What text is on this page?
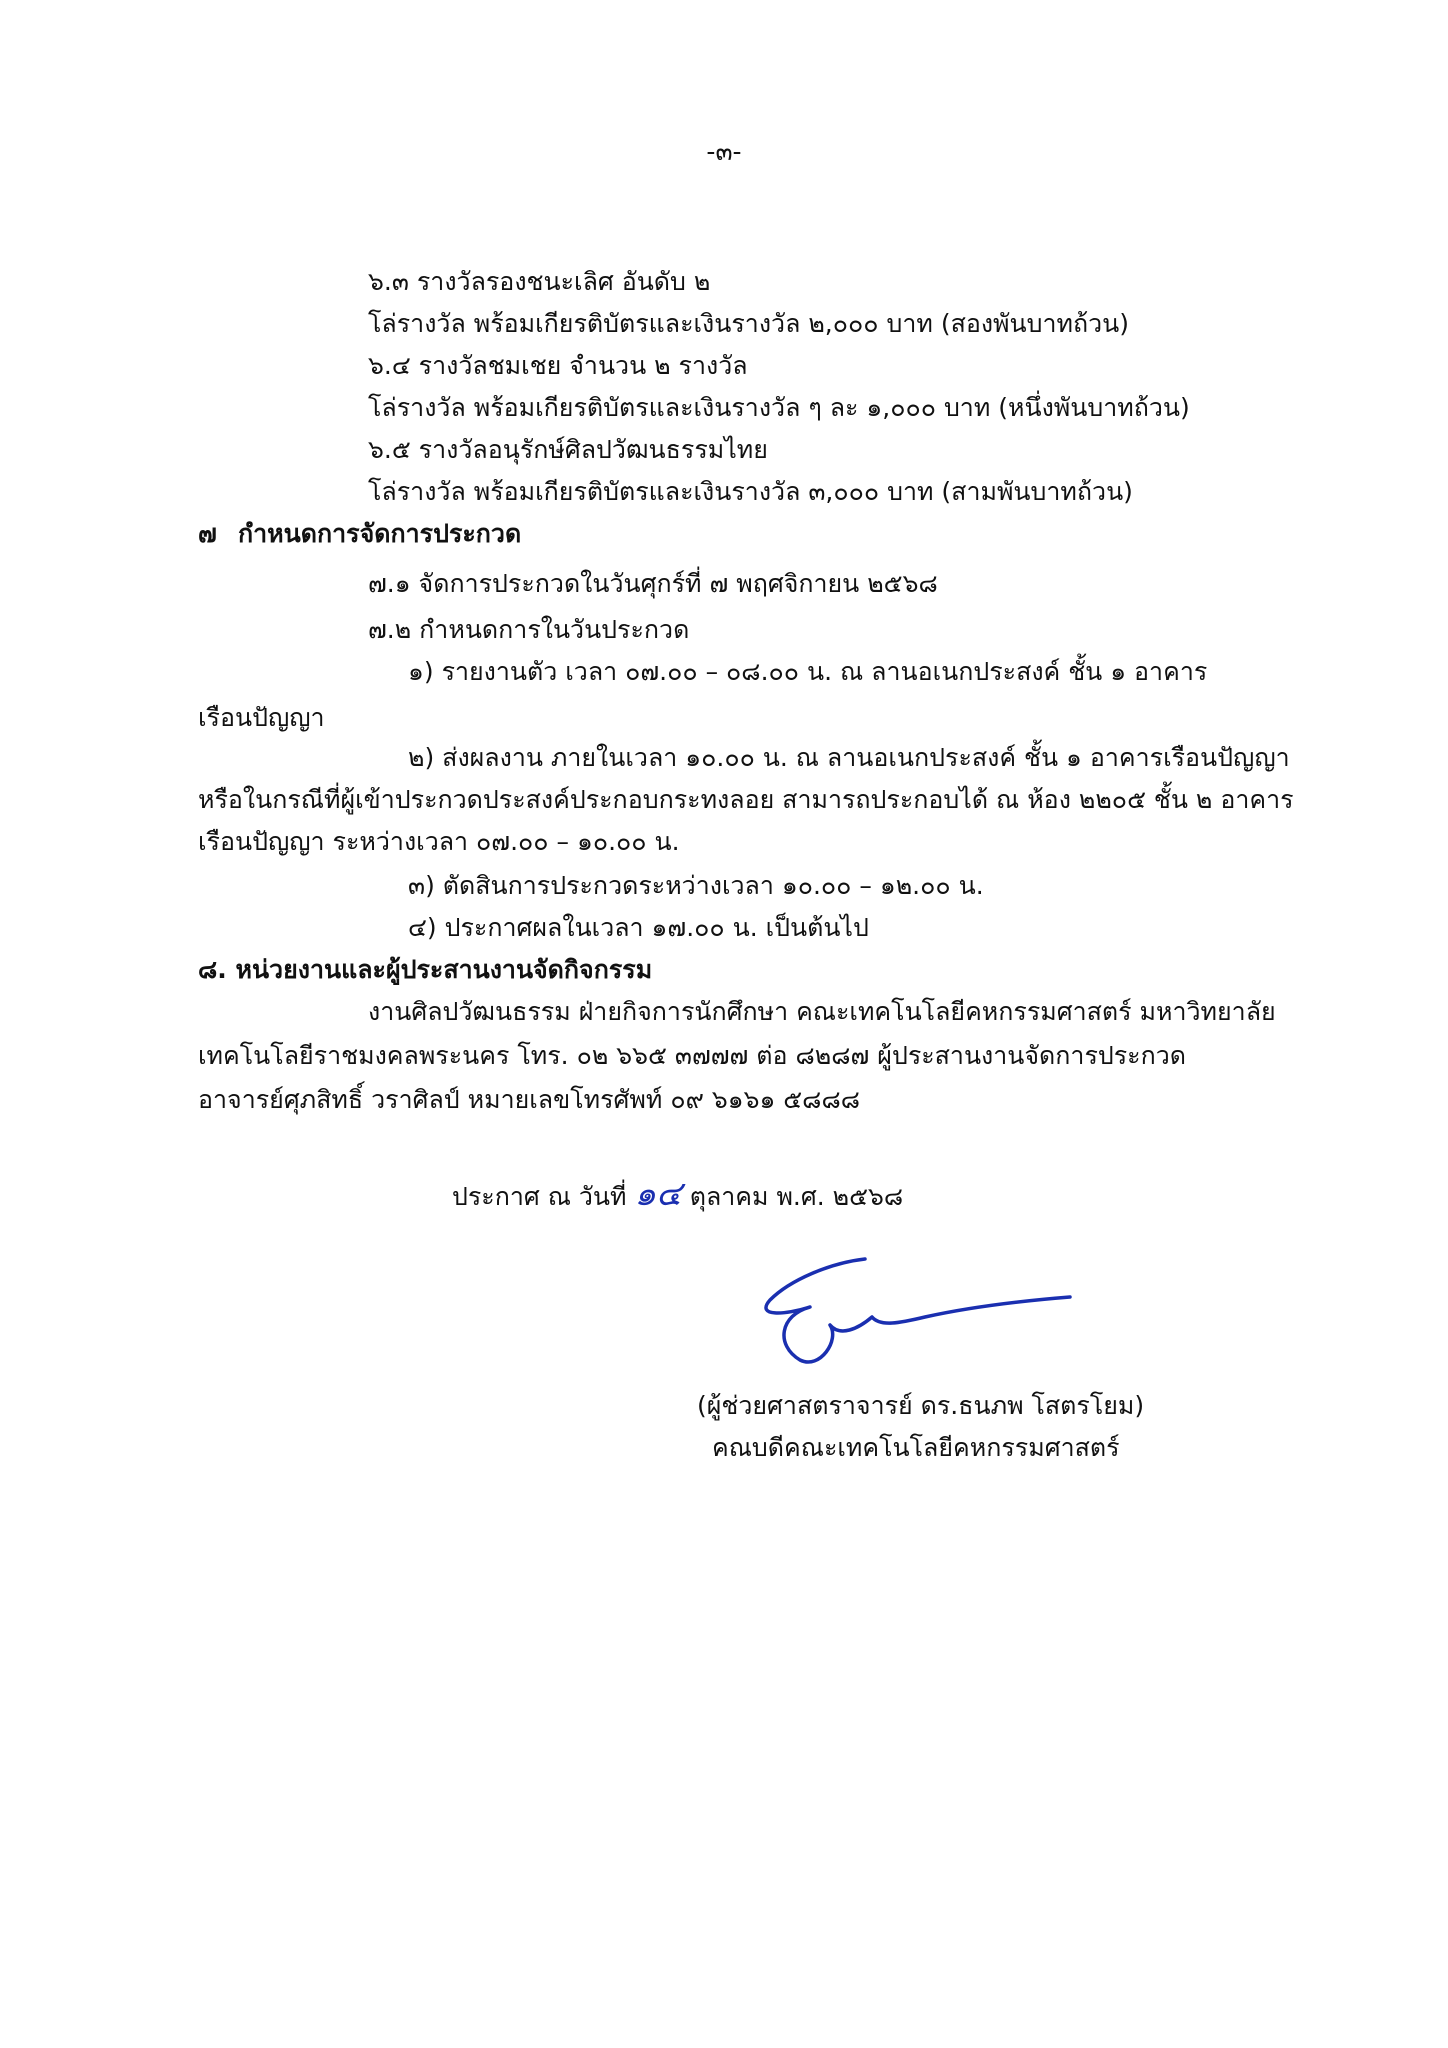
-๓-
๖.๓ รางวัลรองชนะเลิศ อันดับ ๒
โล่รางวัล พร้อมเกียรติบัตรและเงินรางวัล ๒,๐๐๐ บาท (สองพันบาทถ้วน)
๖.๔ รางวัลชมเชย จำนวน ๒ รางวัล
โล่รางวัล พร้อมเกียรติบัตรและเงินรางวัล ๆ ละ ๑,๐๐๐ บาท (หนึ่งพันบาทถ้วน)
๖.๕ รางวัลอนุรักษ์ศิลปวัฒนธรรมไทย
โล่รางวัล พร้อมเกียรติบัตรและเงินรางวัล ๓,๐๐๐ บาท (สามพันบาทถ้วน)
๗ กำหนดการจัดการประกวด
๗.๑ จัดการประกวดในวันศุกร์ที่ ๗ พฤศจิกายน ๒๕๖๘
๗.๒ กำหนดการในวันประกวด
๑) รายงานตัว เวลา ๐๗.๐๐ – ๐๘.๐๐ น. ณ ลานอเนกประสงค์ ชั้น ๑ อาคาร
เรือนปัญญา
๒) ส่งผลงาน ภายในเวลา ๑๐.๐๐ น. ณ ลานอเนกประสงค์ ชั้น ๑ อาคารเรือนปัญญา
หรือในกรณีที่ผู้เข้าประกวดประสงค์ประกอบกระทงลอย สามารถประกอบได้ ณ ห้อง ๒๒๐๕ ชั้น ๒ อาคาร
เรือนปัญญา ระหว่างเวลา ๐๗.๐๐ – ๑๐.๐๐ น.
๓) ตัดสินการประกวดระหว่างเวลา ๑๐.๐๐ – ๑๒.๐๐ น.
๔) ประกาศผลในเวลา ๑๗.๐๐ น. เป็นต้นไป
๘. หน่วยงานและผู้ประสานงานจัดกิจกรรม
งานศิลปวัฒนธรรม ฝ่ายกิจการนักศึกษา คณะเทคโนโลยีคหกรรมศาสตร์ มหาวิทยาลัย
เทคโนโลยีราชมงคลพระนคร โทร. ๐๒ ๖๖๕ ๓๗๗๗ ต่อ ๘๒๘๗ ผู้ประสานงานจัดการประกวด
อาจารย์ศุภสิทธิ์ วราศิลป์ หมายเลขโทรศัพท์ ๐๙ ๖๑๖๑ ๕๘๘๘
ประกาศ ณ วันที่ ๑๔ ตุลาคม พ.ศ. ๒๕๖๘
(ผู้ช่วยศาสตราจารย์ ดร.ธนภพ โสตรโยม)
คณบดีคณะเทคโนโลยีคหกรรมศาสตร์
